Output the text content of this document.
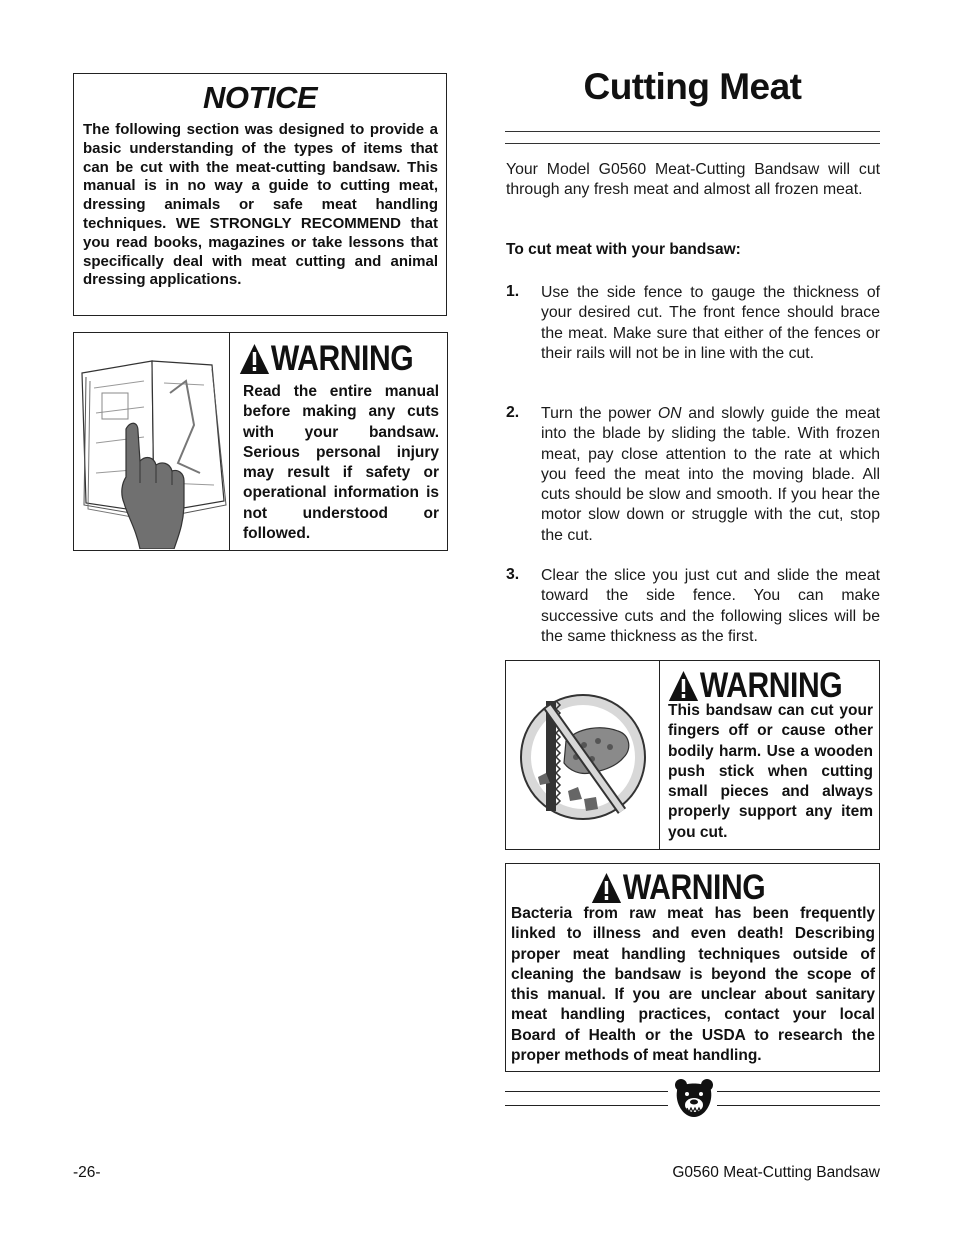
NOTICE
The following section was designed to provide a basic understanding of the types of items that can be cut with the meat-cutting bandsaw. This manual is in no way a guide to cutting meat, dressing animals or safe meat handling techniques. WE STRONGLY RECOMMEND that you read books, magazines or take lessons that specifically deal with meat cutting and animal dressing applications.
WARNING
Read the entire manual before making any cuts with your bandsaw. Serious personal injury may result if safety or operational information is not understood or followed.
Cutting Meat
Your Model G0560 Meat-Cutting Bandsaw will cut through any fresh meat and almost all frozen meat.
To cut meat with your bandsaw:
1. Use the side fence to gauge the thickness of your desired cut. The front fence should brace the meat. Make sure that either of the fences or their rails will not be in line with the cut.
2. Turn the power ON and slowly guide the meat into the blade by sliding the table. With frozen meat, pay close attention to the rate at which you feed the meat into the moving blade. All cuts should be slow and smooth. If you hear the motor slow down or struggle with the cut, stop the cut.
3. Clear the slice you just cut and slide the meat toward the side fence. You can make successive cuts and the following slices will be the same thickness as the first.
WARNING
This bandsaw can cut your fingers off or cause other bodily harm. Use a wooden push stick when cutting small pieces and always properly support any item you cut.
WARNING
Bacteria from raw meat has been frequently linked to illness and even death! Describing proper meat handling techniques outside of cleaning the bandsaw is beyond the scope of this manual. If you are unclear about sanitary meat handling practices, contact your local Board of Health or the USDA to research the proper methods of meat handling.
-26-	G0560 Meat-Cutting Bandsaw
